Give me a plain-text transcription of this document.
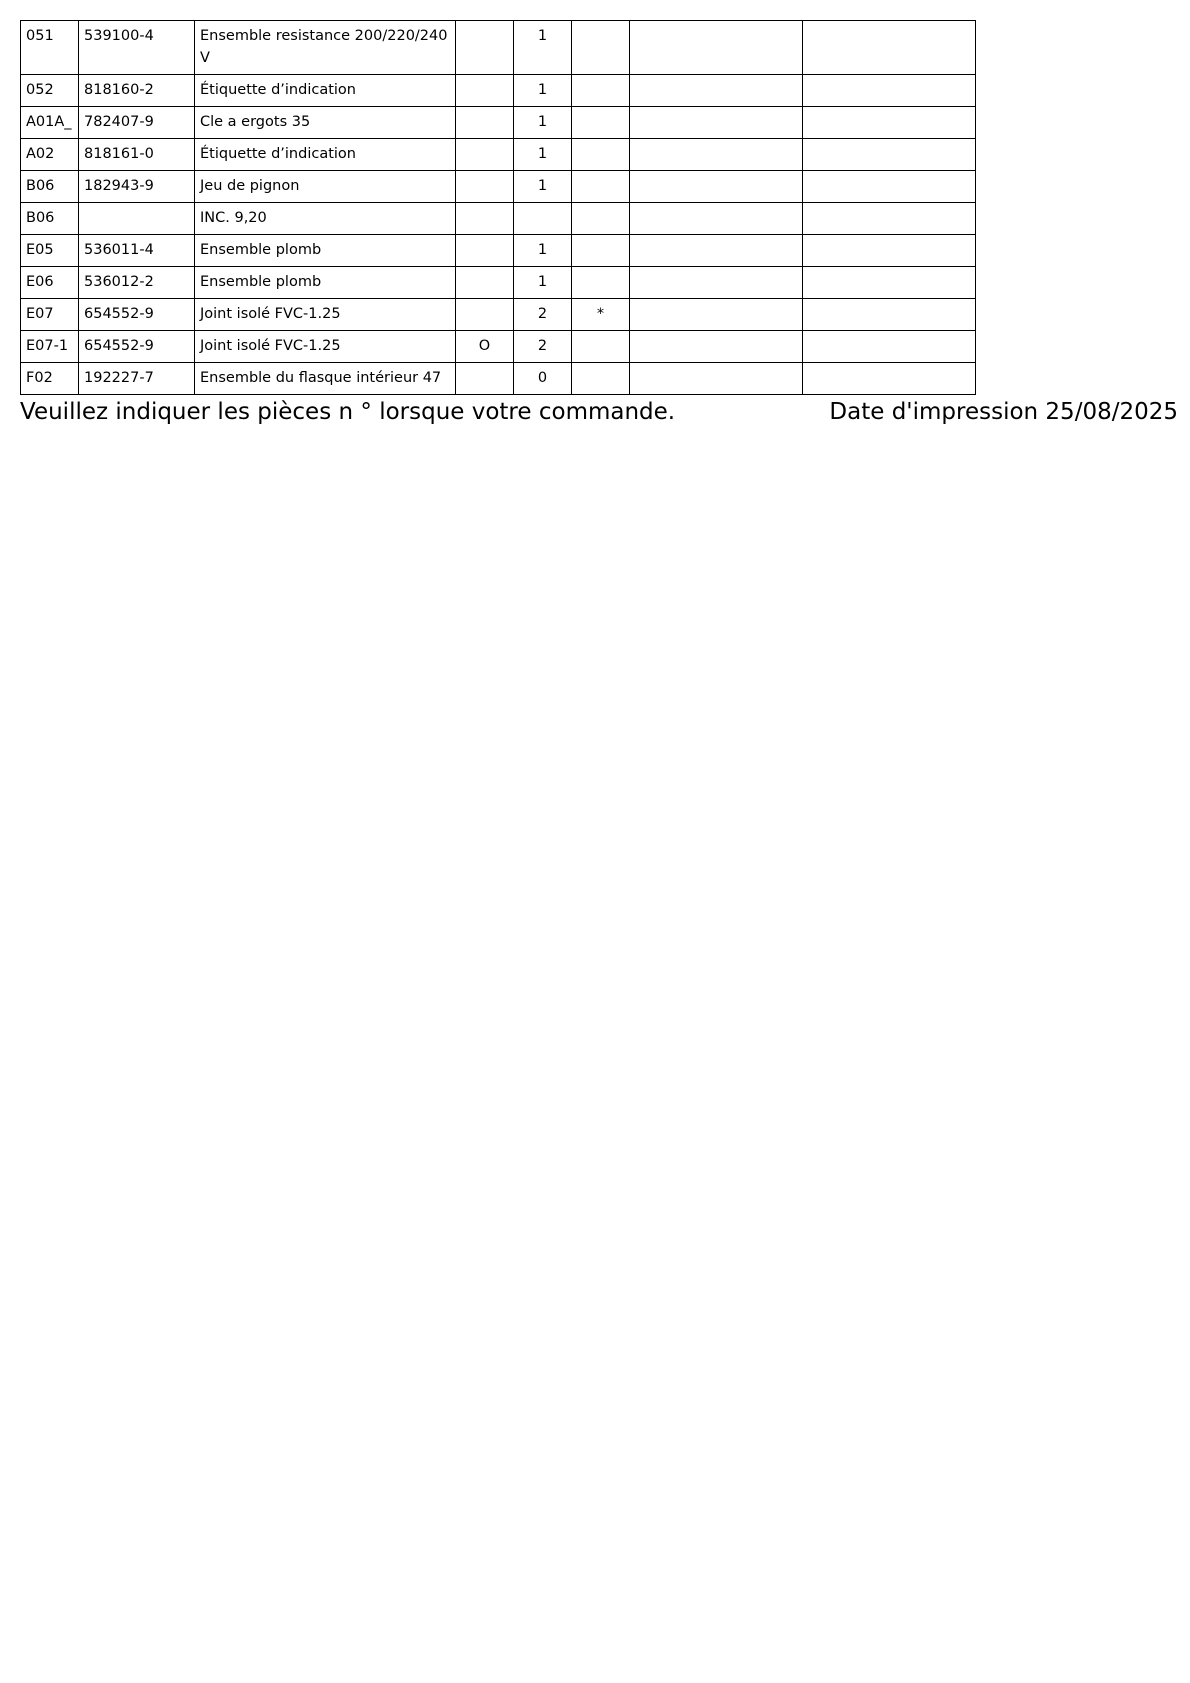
051	539100-4	Ensemble resistance 200/220/240V		1			
052	818160-2	Étiquette d’indication		1			
A01A_	782407-9	Cle a ergots 35		1			
A02	818161-0	Étiquette d’indication		1			
B06	182943-9	Jeu de pignon		1			
B06		INC. 9,20					
E05	536011-4	Ensemble plomb		1			
E06	536012-2	Ensemble plomb		1			
E07	654552-9	Joint isolé FVC-1.25		2	*		
E07-1	654552-9	Joint isolé FVC-1.25	O	2			
F02	192227-7	Ensemble du flasque intérieur 47		0			
Veuillez indiquer les pièces n ° lorsque votre commande.	Date d'impression 25/08/2025
